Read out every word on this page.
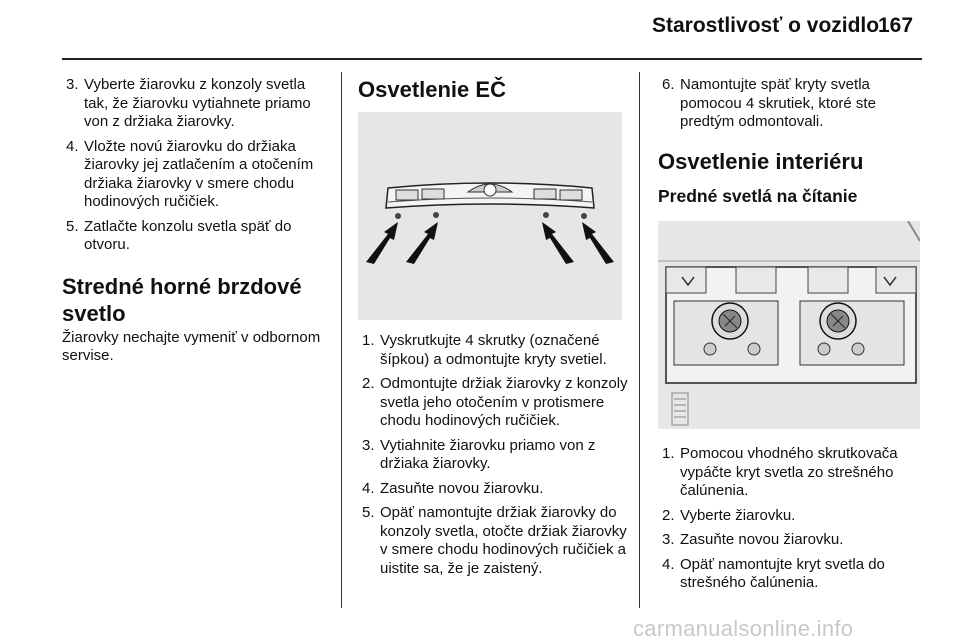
Starostlivosť o vozidlo
167
3. Vyberte žiarovku z konzoly svetla tak, že žiarovku vytiahnete priamo von z držiaka žiarovky.
4. Vložte novú žiarovku do držiaka žiarovky jej zatlačením a otočením držiaka žiarovky v smere chodu hodinových ručičiek.
5. Zatlačte konzolu svetla späť do otvoru.
Stredné horné brzdové svetlo
Žiarovky nechajte vymeniť v odbornom servise.
Osvetlenie EČ
1. Vyskrutkujte 4 skrutky (označené šípkou) a odmontujte kryty svetiel.
2. Odmontujte držiak žiarovky z konzoly svetla jeho otočením v protismere chodu hodinových ručičiek.
3. Vytiahnite žiarovku priamo von z držiaka žiarovky.
4. Zasuňte novou žiarovku.
5. Opäť namontujte držiak žiarovky do konzoly svetla, otočte držiak žiarovky v smere chodu hodinových ručičiek a uistite sa, že je zaistený.
6. Namontujte späť kryty svetla pomocou 4 skrutiek, ktoré ste predtým odmontovali.
Osvetlenie interiéru
Predné svetlá na čítanie
1. Pomocou vhodného skrutkovača vypáčte kryt svetla zo strešného čalúnenia.
2. Vyberte žiarovku.
3. Zasuňte novou žiarovku.
4. Opäť namontujte kryt svetla do strešného čalúnenia.
carmanualsonline.info
